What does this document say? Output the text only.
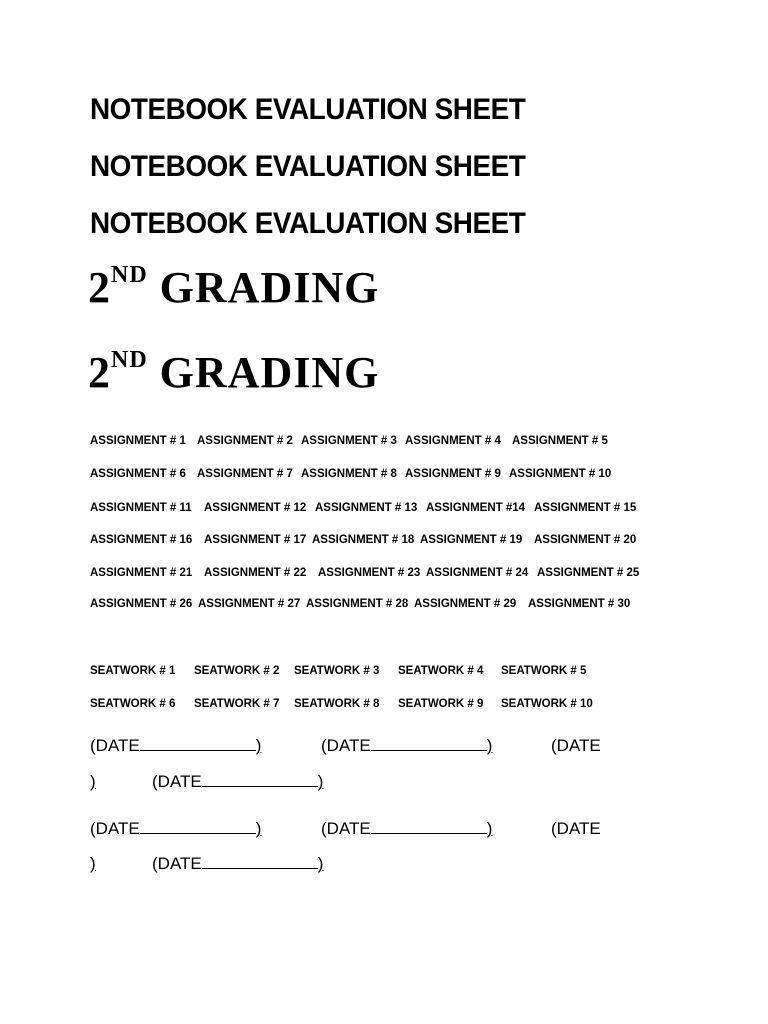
NOTEBOOK EVALUATION SHEET
NOTEBOOK EVALUATION SHEET
NOTEBOOK EVALUATION SHEET
2ND GRADING
2ND GRADING
ASSIGNMENT # 1 ASSIGNMENT # 2 ASSIGNMENT # 3 ASSIGNMENT # 4 ASSIGNMENT # 5
ASSIGNMENT # 6 ASSIGNMENT # 7 ASSIGNMENT # 8 ASSIGNMENT # 9 ASSIGNMENT # 10
ASSIGNMENT # 11 ASSIGNMENT # 12 ASSIGNMENT # 13 ASSIGNMENT #14 ASSIGNMENT # 15
ASSIGNMENT # 16 ASSIGNMENT # 17 ASSIGNMENT # 18 ASSIGNMENT # 19 ASSIGNMENT # 20
ASSIGNMENT # 21 ASSIGNMENT # 22 ASSIGNMENT # 23 ASSIGNMENT # 24 ASSIGNMENT # 25
ASSIGNMENT # 26 ASSIGNMENT # 27 ASSIGNMENT # 28 ASSIGNMENT # 29 ASSIGNMENT # 30
SEATWORK # 1 SEATWORK # 2 SEATWORK # 3 SEATWORK # 4 SEATWORK # 5
SEATWORK # 6 SEATWORK # 7 SEATWORK # 8 SEATWORK # 9 SEATWORK # 10
(DATE	)	(DATE	)	(DATE
)	(DATE	)
(DATE	)	(DATE	)	(DATE
)	(DATE	)
